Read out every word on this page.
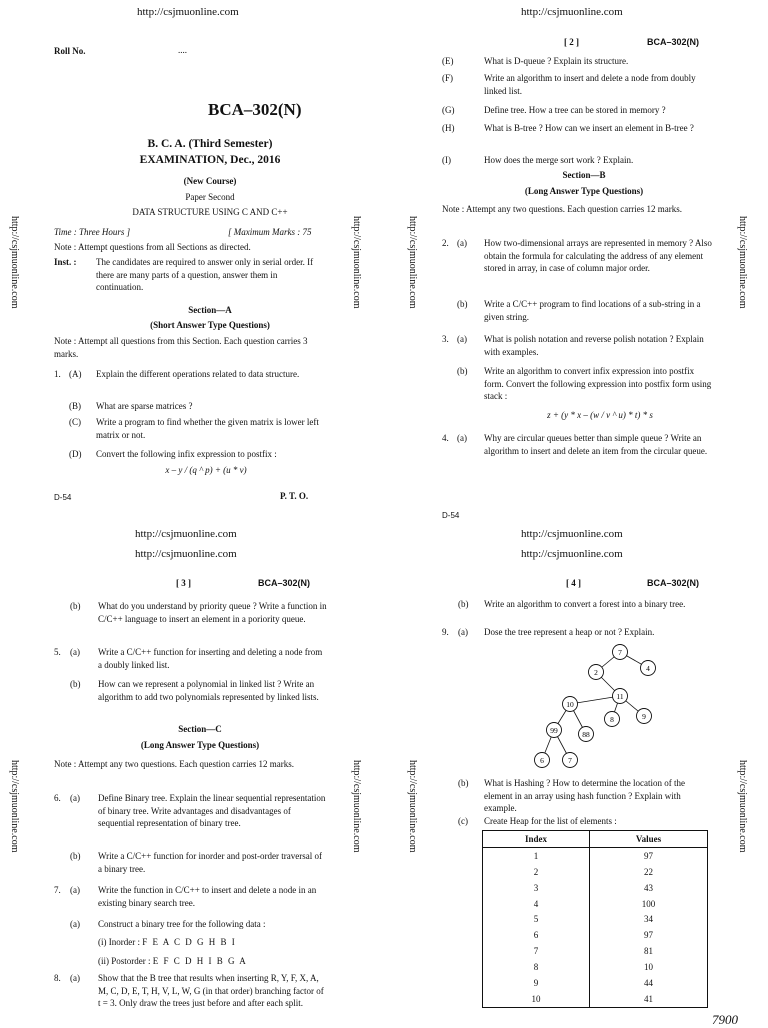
http://csjmuonline.com
http://csjmuonline.com	http://csjmuonline.com
Roll No.	....
BCA–302(N)
B. C. A. (Third Semester)
EXAMINATION, Dec., 2016
(New Course)
Paper Second
DATA STRUCTURE USING C AND C++
Time : Three Hours ]	[ Maximum Marks : 75
Note : Attempt questions from all Sections as directed.
Inst. : The candidates are required to answer only in serial order. If there are many parts of a question, answer them in continuation.
Section—A
(Short Answer Type Questions)
Note : Attempt all questions from this Section. Each question carries 3 marks.
1. (A) Explain the different operations related to data structure.
(B) What are sparse matrices ?
(C) Write a program to find whether the given matrix is lower left matrix or not.
(D) Convert the following infix expression to postfix :
x – y / (q ^ p) + (u * v)
D-54	P. T. O.
http://csjmuonline.com
http://csjmuonline.com	http://csjmuonline.com
[ 2 ]	BCA–302(N)
(E)	What is D-queue ? Explain its structure.
(F)	Write an algorithm to insert and delete a node from doubly linked list.
(G)	Define tree. How a tree can be stored in memory ?
(H)	What is B-tree ? How can we insert an element in B-tree ?
(I)	How does the merge sort work ? Explain.
Section—B
(Long Answer Type Questions)
Note : Attempt any two questions. Each question carries 12 marks.
2. (a) How two-dimensional arrays are represented in memory ? Also obtain the formula for calculating the address of any element stored in array, in case of column major order.
(b) Write a C/C++ program to find locations of a sub-string in a given string.
3. (a) What is polish notation and reverse polish notation ? Explain with examples.
(b) Write an algorithm to convert infix expression into postfix form. Convert the following expression into postfix form using stack :
z + (y * x – (w / v ^ u) * t) * s
4. (a) Why are circular queues better than simple queue ? Write an algorithm to insert and delete an item from the circular queue.
D-54
http://csjmuonline.com
http://csjmuonline.com
http://csjmuonline.com	http://csjmuonline.com
[ 3 ]	BCA–302(N)
(b) What do you understand by priority queue ? Write a function in C/C++ language to insert an element in a poriority queue.
5. (a) Write a C/C++ function for inserting and deleting a node from a doubly linked list.
(b) How can we represent a polynomial in linked list ? Write an algorithm to add two polynomials represented by linked lists.
Section—C
(Long Answer Type Questions)
Note : Attempt any two questions. Each question carries 12 marks.
6. (a) Define Binary tree. Explain the linear sequential representation of binary tree. Write advantages and disadvantages of sequential representation of binary tree.
(b) Write a C/C++ function for inorder and post-order traversal of a binary tree.
7. (a) Write the function in C/C++ to insert and delete a node in an existing binary search tree.
(a) Construct a binary tree for the following data :
(i) Inorder : F E A C D G H B I
(ii) Postorder : E F C D H I B G A
8. (a) Show that the B tree that results when inserting R, Y, F, X, A, M, C, D, E, T, H, V, L, W, G (in that order) branching factor of t = 3. Only draw the trees just before and after each split.
http://csjmuonline.com
http://csjmuonline.com
http://csjmuonline.com	http://csjmuonline.com
[ 4 ]	BCA–302(N)
(b) Write an algorithm to convert a forest into a binary tree.
9. (a) Dose the tree represent a heap or not ? Explain.
7
2	4
11
10
8	9
99	88
6	7
(b) What is Hashing ? How to determine the location of the element in an array using hash function ? Explain with example.
(c) Create Heap for the list of elements :
Index	Values
1	97
2	22
3	43
4	100
5	34
6	97
7	81
8	10
9	44
10	41
7900
